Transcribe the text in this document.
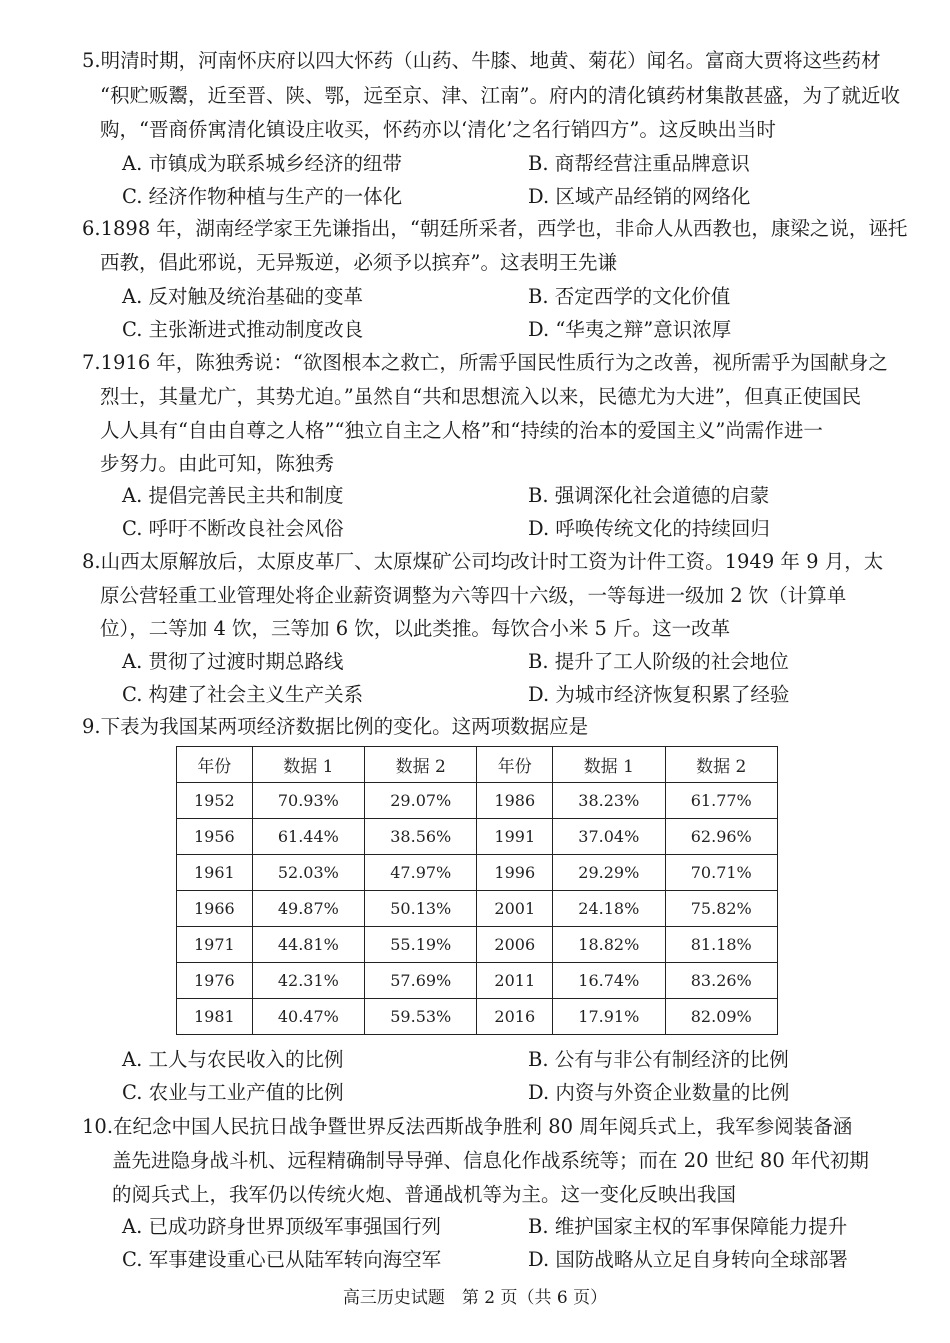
5.明清时期，河南怀庆府以四大怀药（山药、牛膝、地黄、菊花）闻名。富商大贾将这些药材
“积贮贩鬻，近至晋、陕、鄂，远至京、津、江南”。府内的清化镇药材集散甚盛，为了就近收
购，“晋商侨寓清化镇设庄收买，怀药亦以‘清化’之名行销四方”。这反映出当时
A. 市镇成为联系城乡经济的纽带	B. 商帮经营注重品牌意识
C. 经济作物种植与生产的一体化	D. 区域产品经销的网络化
6.1898 年，湖南经学家王先谦指出，“朝廷所采者，西学也，非命人从西教也，康梁之说，诬托
西教，倡此邪说，无异叛逆，必须予以摈弃”。这表明王先谦
A. 反对触及统治基础的变革	B. 否定西学的文化价值
C. 主张渐进式推动制度改良	D. “华夷之辩”意识浓厚
7.1916 年，陈独秀说：“欲图根本之救亡，所需乎国民性质行为之改善，视所需乎为国献身之
烈士，其量尤广，其势尤迫。”虽然自“共和思想流入以来，民德尤为大进”，但真正使国民
人人具有“自由自尊之人格”“独立自主之人格”和“持续的治本的爱国主义”尚需作进一
步努力。由此可知，陈独秀
A. 提倡完善民主共和制度	B. 强调深化社会道德的启蒙
C. 呼吁不断改良社会风俗	D. 呼唤传统文化的持续回归
8.山西太原解放后，太原皮革厂、太原煤矿公司均改计时工资为计件工资。1949 年 9 月，太
原公营轻重工业管理处将企业薪资调整为六等四十六级，一等每进一级加 2 饮（计算单
位），二等加 4 饮，三等加 6 饮，以此类推。每饮合小米 5 斤。这一改革
A. 贯彻了过渡时期总路线	B. 提升了工人阶级的社会地位
C. 构建了社会主义生产关系	D. 为城市经济恢复积累了经验
9.下表为我国某两项经济数据比例的变化。这两项数据应是
年份	数据 1	数据 2	年份	数据 1	数据 2
1952	70.93%	29.07%	1986	38.23%	61.77%
1956	61.44%	38.56%	1991	37.04%	62.96%
1961	52.03%	47.97%	1996	29.29%	70.71%
1966	49.87%	50.13%	2001	24.18%	75.82%
1971	44.81%	55.19%	2006	18.82%	81.18%
1976	42.31%	57.69%	2011	16.74%	83.26%
1981	40.47%	59.53%	2016	17.91%	82.09%
A. 工人与农民收入的比例	B. 公有与非公有制经济的比例
C. 农业与工业产值的比例	D. 内资与外资企业数量的比例
10.在纪念中国人民抗日战争暨世界反法西斯战争胜利 80 周年阅兵式上，我军参阅装备涵
盖先进隐身战斗机、远程精确制导导弹、信息化作战系统等；而在 20 世纪 80 年代初期
的阅兵式上，我军仍以传统火炮、普通战机等为主。这一变化反映出我国
A. 已成功跻身世界顶级军事强国行列	B. 维护国家主权的军事保障能力提升
C. 军事建设重心已从陆军转向海空军	D. 国防战略从立足自身转向全球部署
高三历史试题　第 2 页（共 6 页）
